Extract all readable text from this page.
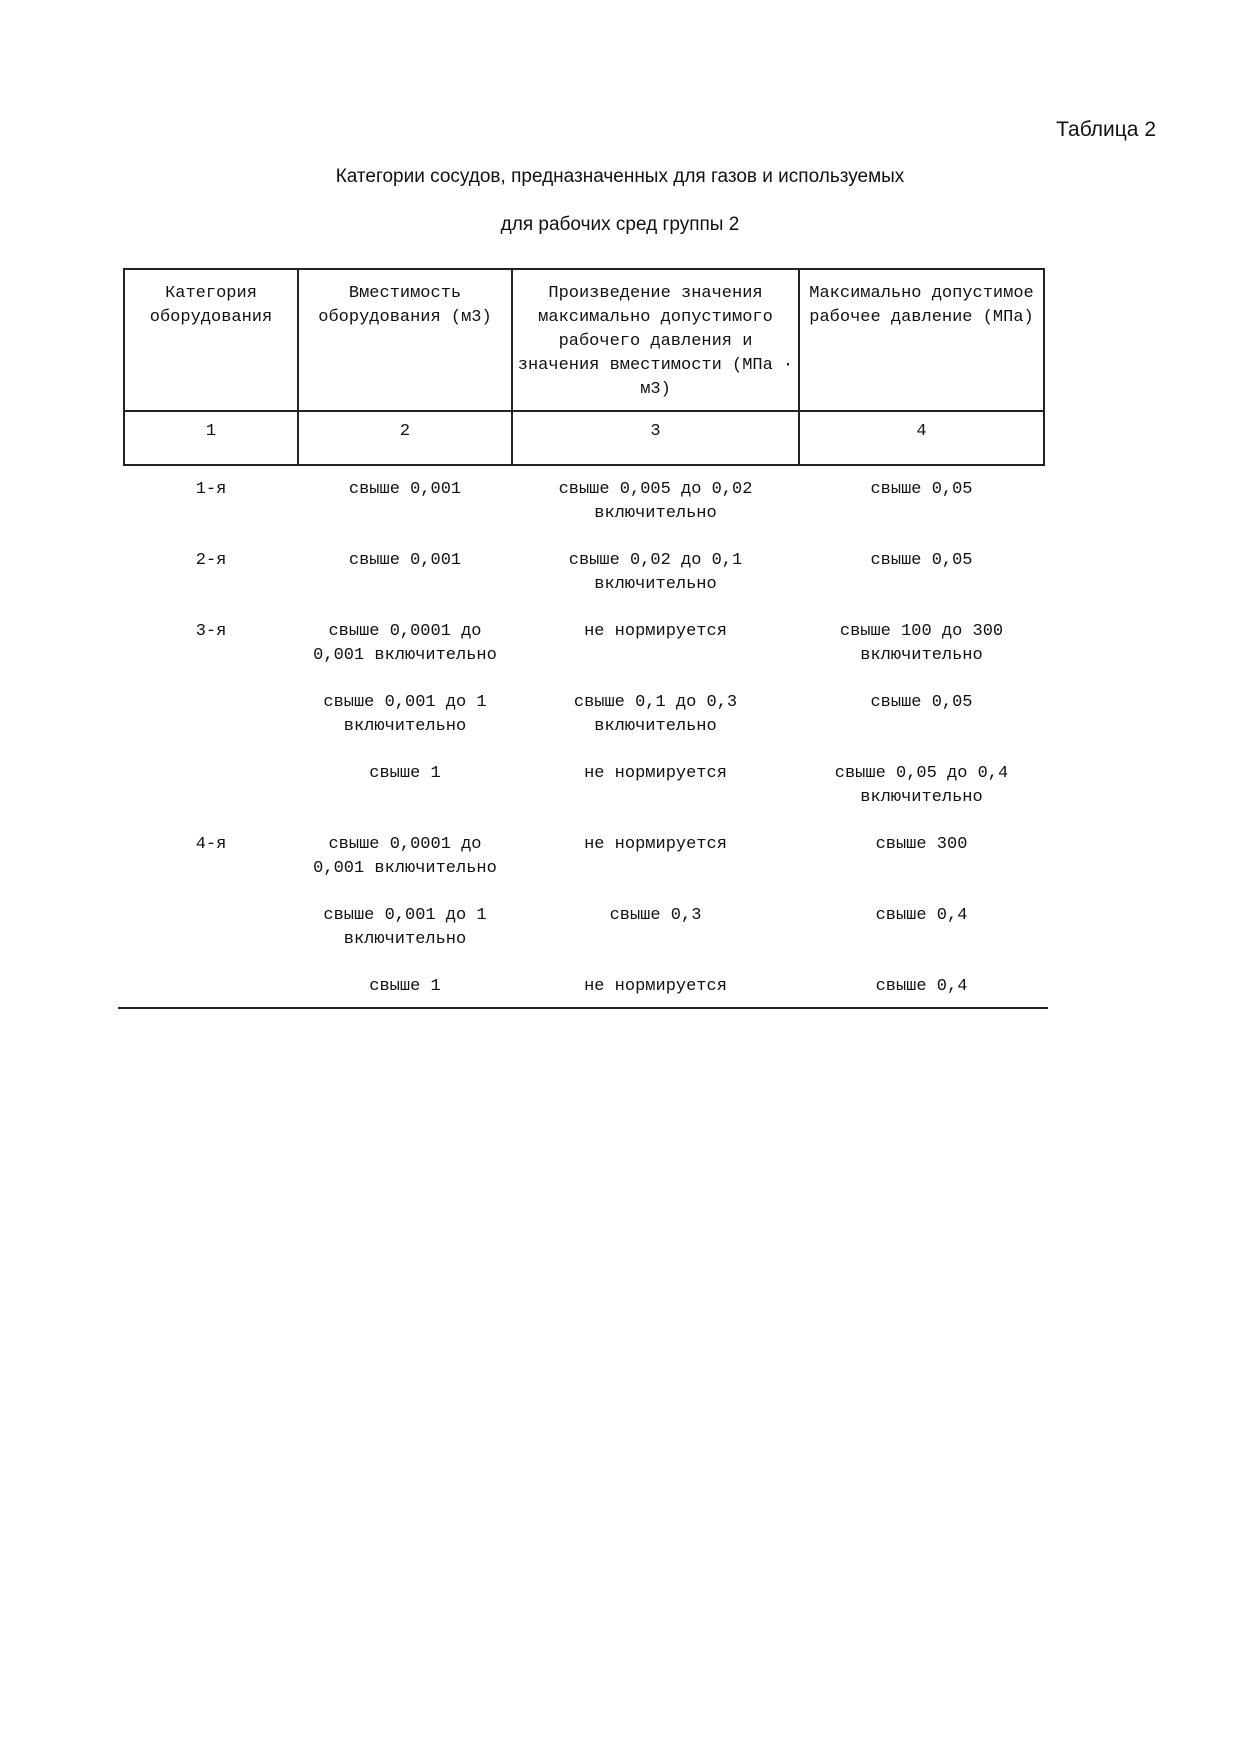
Таблица 2
Категории сосудов, предназначенных для газов и используемых
для рабочих сред группы 2
Категория оборудования	Вместимость оборудования (м3)	Произведение значения максимально допустимого рабочего давления и значения вместимости (МПа · м3)	Максимально допустимое рабочее давление (МПа)
1	2	3	4
1-я	свыше 0,001	свыше 0,005 до 0,02 включительно	свыше 0,05
2-я	свыше 0,001	свыше 0,02 до 0,1 включительно	свыше 0,05
3-я	свыше 0,0001 до 0,001 включительно	не нормируется	свыше 100 до 300 включительно
	свыше 0,001 до 1 включительно	свыше 0,1 до 0,3 включительно	свыше 0,05
	свыше 1	не нормируется	свыше 0,05 до 0,4 включительно
4-я	свыше 0,0001 до 0,001 включительно	не нормируется	свыше 300
	свыше 0,001 до 1 включительно	свыше 0,3	свыше 0,4
	свыше 1	не нормируется	свыше 0,4
